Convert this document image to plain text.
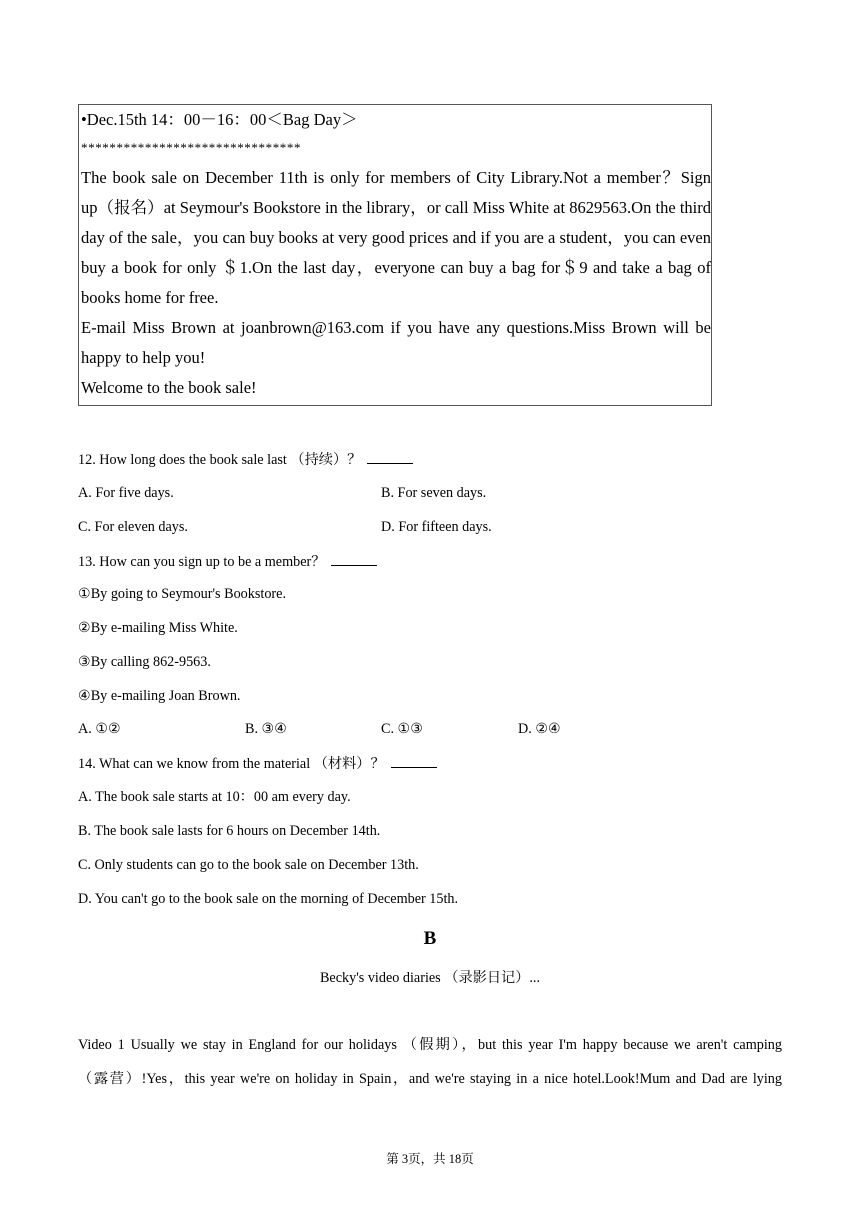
•Dec.15th 14：00－16：00＜Bag Day＞
*******************************
The book sale on December 11th is only for members of City Library.Not a member？Sign
up（报名）at Seymour's Bookstore in the library，or call Miss White at 8629563.On the third
day of the sale，you can buy books at very good prices and if you are a student，you can even
buy a book for only ＄1.On the last day，everyone can buy a bag for＄9 and take a bag of
books home for free.
E-mail Miss Brown at joanbrown@163.com if you have any questions.Miss Brown will be
happy to help you!
Welcome to the book sale!
12. How long does the book sale last （持续）？
A. For five days.	B. For seven days.
C. For eleven days.	D. For fifteen days.
13. How can you sign up to be a member？
①By going to Seymour's Bookstore.
②By e-mailing Miss White.
③By calling 862-9563.
④By e-mailing Joan Brown.
A. ①②	B. ③④	C. ①③	D. ②④
14. What can we know from the material （材料）？
A. The book sale starts at 10：00 am every day.
B. The book sale lasts for 6 hours on December 14th.
C. Only students can go to the book sale on December 13th.
D. You can't go to the book sale on the morning of December 15th.
B
Becky's video diaries （录影日记）...
Video 1 Usually we stay in England for our holidays （假期），but this year I'm happy because we aren't camping
（露营）!Yes，this year we're on holiday in Spain，and we're staying in a nice hotel.Look!Mum and Dad are lying
第 3页，共 18页
